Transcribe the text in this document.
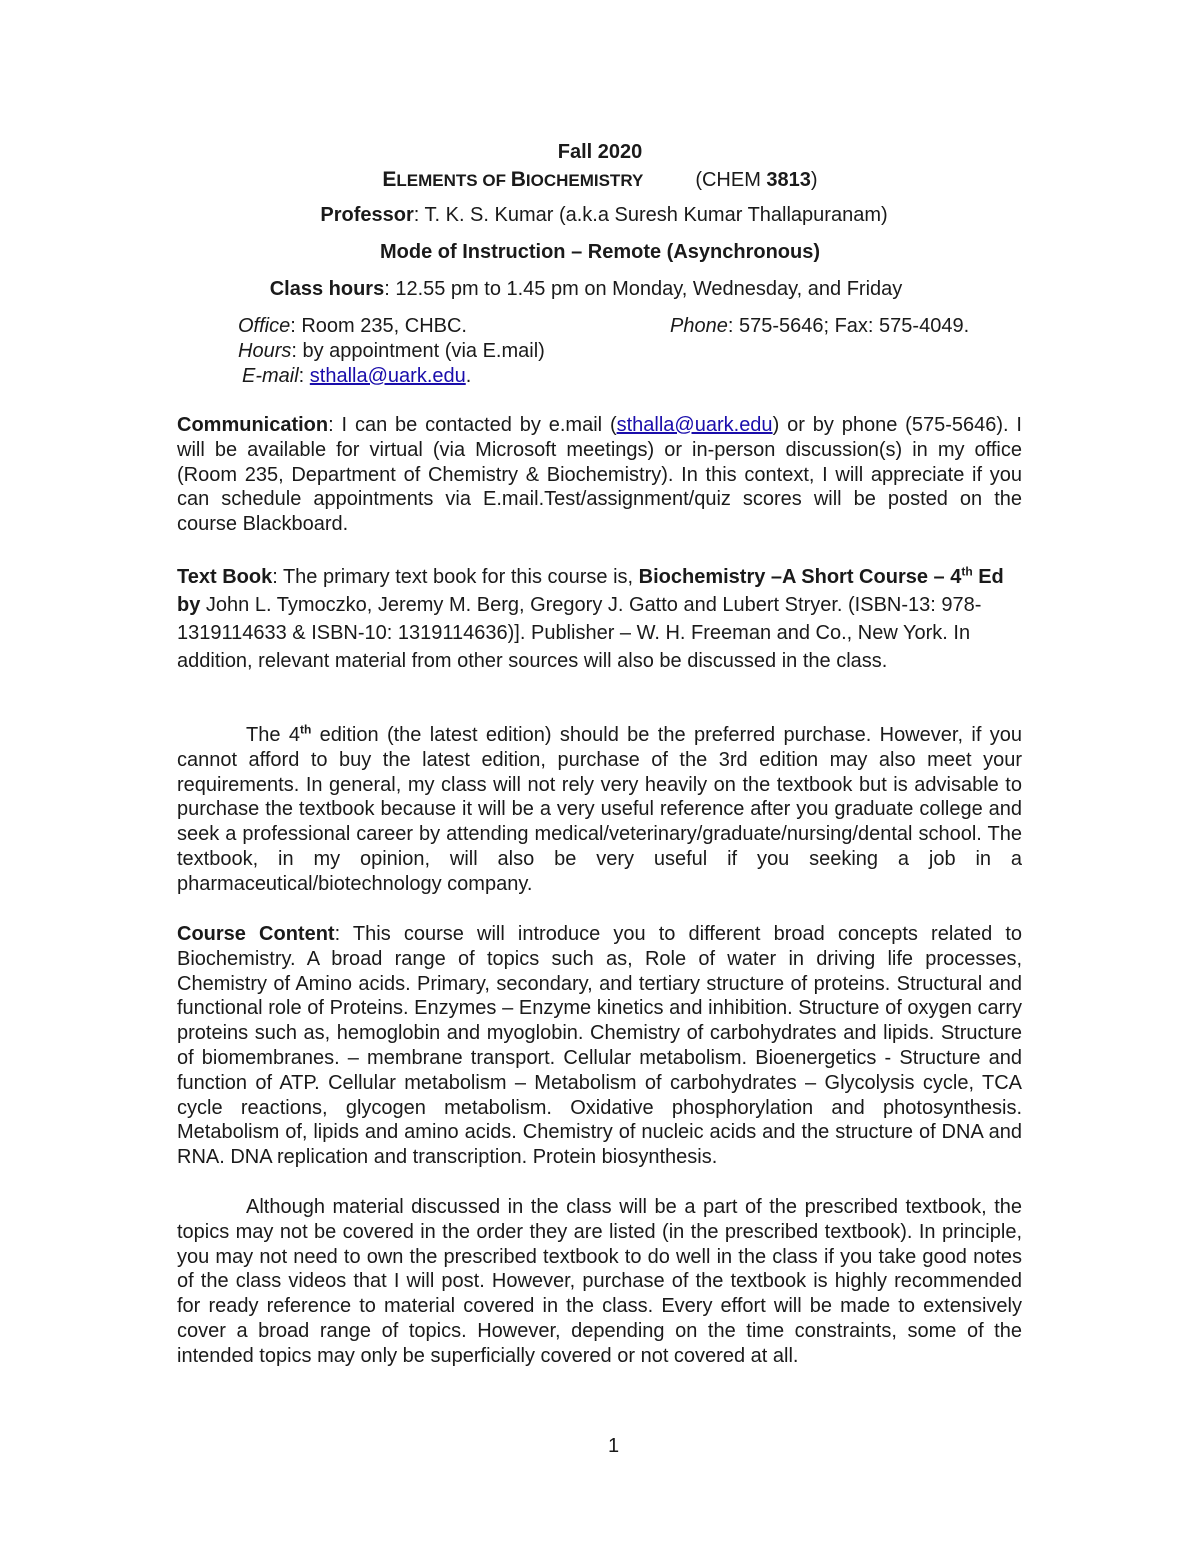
Fall 2020
ELEMENTS OF BIOCHEMISTRY	(CHEM 3813)
Professor: T. K. S. Kumar (a.k.a Suresh Kumar Thallapuranam)
Mode of Instruction – Remote (Asynchronous)
Class hours: 12.55 pm to 1.45 pm on Monday, Wednesday, and Friday
Office: Room 235, CHBC.	Phone: 575-5646; Fax: 575-4049.
Hours: by appointment (via E.mail)
E-mail: sthalla@uark.edu.

Communication: I can be contacted by e.mail (sthalla@uark.edu) or by phone (575-5646). I will be available for virtual (via Microsoft meetings) or in-person discussion(s) in my office (Room 235, Department of Chemistry & Biochemistry). In this context, I will appreciate if you can schedule appointments via E.mail.Test/assignment/quiz scores will be posted on the course Blackboard.

Text Book: The primary text book for this course is, Biochemistry –A Short Course – 4th Ed by John L. Tymoczko, Jeremy M. Berg, Gregory J. Gatto and Lubert Stryer. (ISBN-13: 978-1319114633 & ISBN-10: 1319114636)]. Publisher – W. H. Freeman and Co., New York. In addition, relevant material from other sources will also be discussed in the class.

The 4th edition (the latest edition) should be the preferred purchase. However, if you cannot afford to buy the latest edition, purchase of the 3rd edition may also meet your requirements. In general, my class will not rely very heavily on the textbook but is advisable to purchase the textbook because it will be a very useful reference after you graduate college and seek a professional career by attending medical/veterinary/graduate/nursing/dental school. The textbook, in my opinion, will also be very useful if you seeking a job in a pharmaceutical/biotechnology company.

Course Content: This course will introduce you to different broad concepts related to Biochemistry. A broad range of topics such as, Role of water in driving life processes, Chemistry of Amino acids. Primary, secondary, and tertiary structure of proteins. Structural and functional role of Proteins. Enzymes – Enzyme kinetics and inhibition. Structure of oxygen carry proteins such as, hemoglobin and myoglobin. Chemistry of carbohydrates and lipids. Structure of biomembranes. – membrane transport. Cellular metabolism. Bioenergetics - Structure and function of ATP. Cellular metabolism – Metabolism of carbohydrates – Glycolysis cycle, TCA cycle reactions, glycogen metabolism. Oxidative phosphorylation and photosynthesis. Metabolism of, lipids and amino acids. Chemistry of nucleic acids and the structure of DNA and RNA. DNA replication and transcription. Protein biosynthesis.

Although material discussed in the class will be a part of the prescribed textbook, the topics may not be covered in the order they are listed (in the prescribed textbook). In principle, you may not need to own the prescribed textbook to do well in the class if you take good notes of the class videos that I will post. However, purchase of the textbook is highly recommended for ready reference to material covered in the class. Every effort will be made to extensively cover a broad range of topics. However, depending on the time constraints, some of the intended topics may only be superficially covered or not covered at all.

1
